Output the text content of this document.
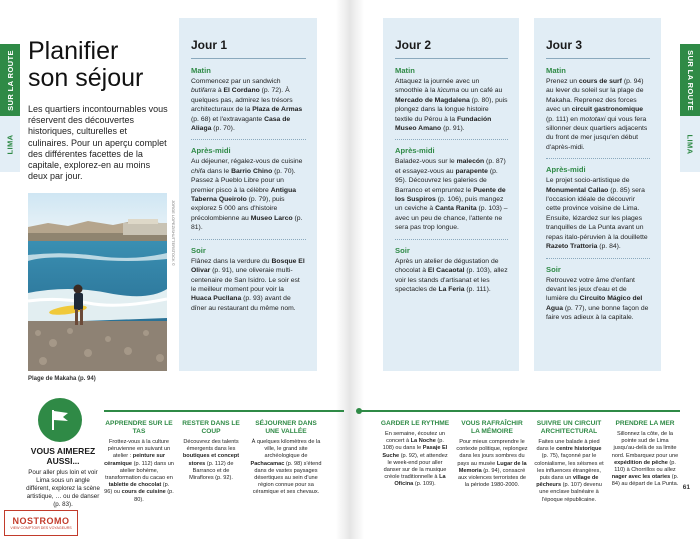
SUR LA ROUTE
LIMA
Planifier
son séjour

Les quartiers incontournables vous réservent des découvertes historiques, culturelles et culinaires. Pour un aperçu complet des différentes facettes de la capitale, explorez-en au moins deux par jour.

JORGE LOPEZ/SHUTTERSTOCK ©
Plage de Makaha (p. 94)
Jour 1
Matin
Commencez par un sandwich butifarra à El Cordano (p. 72). À quelques pas, admirez les trésors architecturaux de la Plaza de Armas (p. 68) et l'extravagante Casa de Aliaga (p. 70).
Après-midi
Au déjeuner, régalez-vous de cuisine chifa dans le Barrio Chino (p. 70). Passez à Pueblo Libre pour un premier pisco à la célèbre Antigua Taberna Queirolo (p. 79), puis explorez 5 000 ans d'histoire précolombienne au Museo Larco (p. 81).
Soir
Flânez dans la verdure du Bosque El Olivar (p. 91), une oliveraie multi-centenaire de San Isidro. Le soir est le meilleur moment pour voir la Huaca Pucllana (p. 93) avant de dîner au restaurant du même nom.
VOUS AIMEREZ AUSSI...
Pour aller plus loin et voir Lima sous un angle différent, explorez la scène artistique, … ou de danser (p. 83).
APPRENDRE SUR LE TAS
Frottez-vous à la culture péruvienne en suivant un atelier : peinture sur céramique (p. 112) dans un atelier bohème, transformation du cacao en tablette de chocolat (p. 96) ou cours de cuisine (p. 80).
RESTER DANS LE COUP
Découvrez des talents émergents dans les boutiques et concept stores (p. 112) de Barranco et de Miraflores (p. 92).
SÉJOURNER DANS UNE VALLÉE
À quelques kilomètres de la ville, le grand site archéologique de Pachacamac (p. 98) s'étend dans de vastes paysages désertiques au sein d'une région connue pour sa céramique et ses chevaux.
NOSTROMO
VIEW COMPTOIR DES VOYAGEURS
SUR LA ROUTE
LIMA
Jour 2
Matin
Attaquez la journée avec un smoothie à la lúcuma ou un café au Mercado de Magdalena (p. 80), puis plongez dans la longue histoire textile du Pérou à la Fundación Museo Amano (p. 91).
Après-midi
Baladez-vous sur le malecón (p. 87) et essayez-vous au parapente (p. 95). Découvrez les galeries de Barranco et empruntez le Puente de los Suspiros (p. 106), puis mangez un ceviche à Canta Ranita (p. 103) – avec un peu de chance, l'attente ne sera pas trop longue.
Soir
Après un atelier de dégustation de chocolat à El Cacaotal (p. 103), allez voir les stands d'artisanat et les spectacles de La Feria (p. 111).
Jour 3
Matin
Prenez un cours de surf (p. 94) au lever du soleil sur la plage de Makaha. Reprenez des forces avec un circuit gastronomique (p. 111) en mototaxi qui vous fera sillonner deux quartiers adjacents du front de mer jusqu'en début d'après-midi.
Après-midi
Le projet socio-artistique de Monumental Callao (p. 85) sera l'occasion idéale de découvrir cette province voisine de Lima. Ensuite, lézardez sur les plages tranquilles de La Punta avant un repas italo-péruvien à la douillette Razeto Trattoria (p. 84).
Soir
Retrouvez votre âme d'enfant devant les jeux d'eau et de lumière du Circuito Mágico del Agua (p. 77), une bonne façon de faire vos adieux à la capitale.
GARDER LE RYTHME
En semaine, écoutez un concert à La Noche (p. 108) ou dans le Pasaje El Suche (p. 92), et attendez le week-end pour aller danser sur de la musique créole traditionnelle à La Oficina (p. 109).
VOUS RAFRAÎCHIR LA MÉMOIRE
Pour mieux comprendre le contexte politique, replongez dans les jours sombres du pays au musée Lugar de la Memoria (p. 94), consacré aux violences terroristes de la période 1980-2000.
SUIVRE UN CIRCUIT ARCHITECTURAL
Faites une balade à pied dans le centre historique (p. 75), façonné par le colonialisme, les séismes et les influences étrangères, puis dans un village de pêcheurs (p. 107) devenu une enclave balnéaire à l'époque républicaine.
PRENDRE LA MER
Sillonnez la côte, de la pointe sud de Lima jusqu'au-delà de sa limite nord. Embarquez pour une expédition de pêche (p. 110) à Chorrillos ou allez nager avec les otaries (p. 84) au départ de La Punta. 61
